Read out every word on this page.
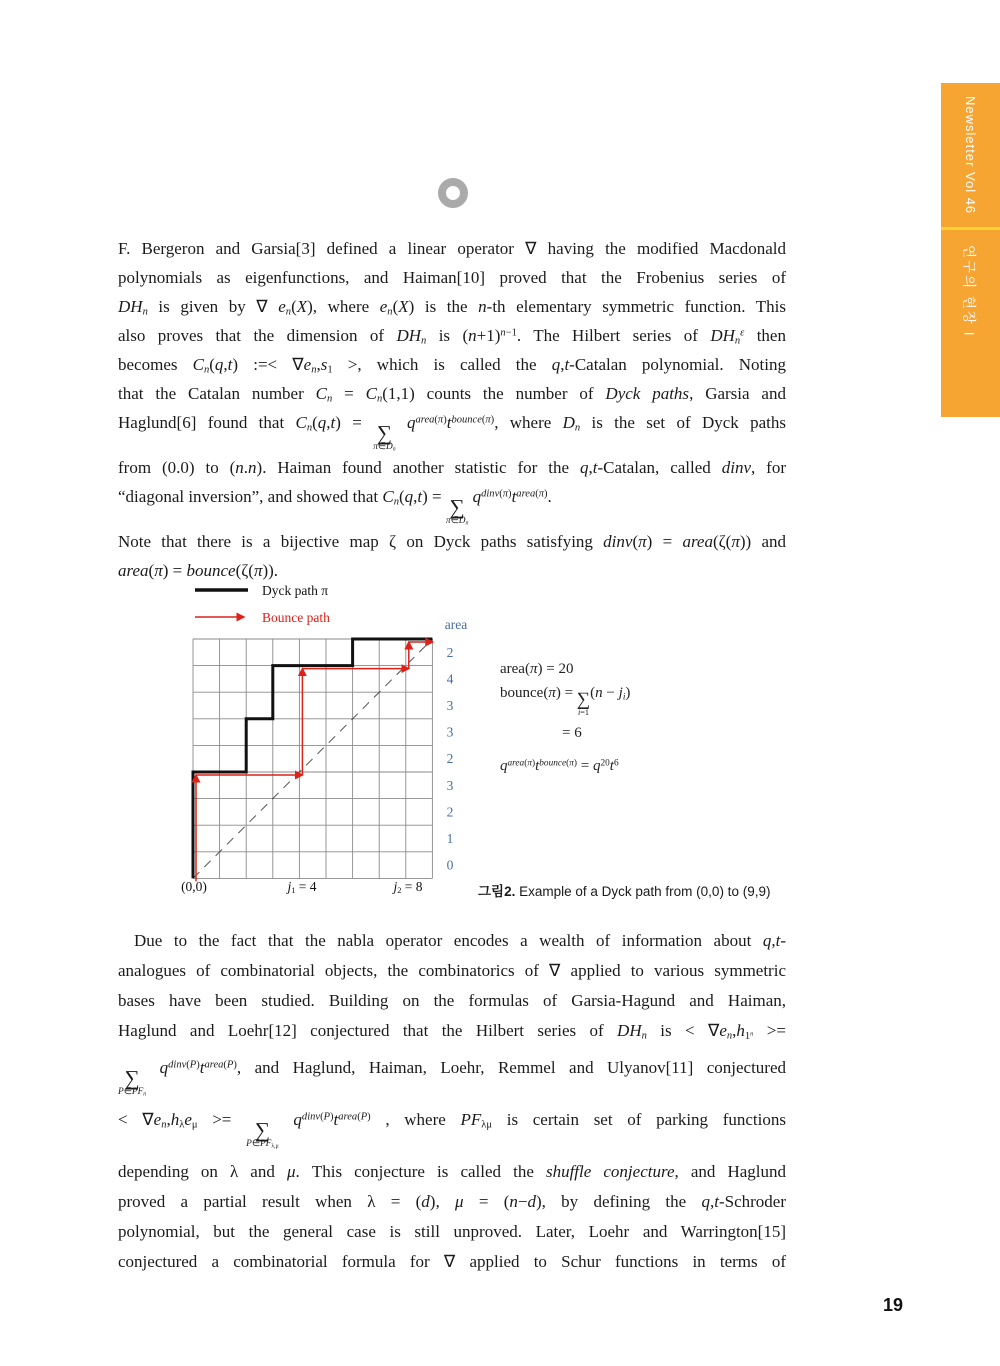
Newsletter Vol 46
연구의 현장 I
F. Bergeron and Garsia[3] defined a linear operator ∇ having the modified Macdonald
polynomials as eigenfunctions, and Haiman[10] proved that the Frobenius series of
$DH_n$ is given by ∇ $e_n(X)$, where $e_n(X)$ is the n-th elementary symmetric function. This
also proves that the dimension of $DH_n$ is $(n+1)^{n-1}$. The Hilbert series of $DH_n^\varepsilon$ then
becomes $C_n(q,t)$ :=< $\nabla e_n,s_1$ >, which is called the q,t-Catalan polynomial. Noting
that the Catalan number $C_n = C_n(1,1)$ counts the number of Dyck paths, Garsia and
Haglund[6] found that $C_n(q,t)$ = ∑
$\pi\in D_n$
$q^{area(\pi)}t^{bounce(\pi)}$, where $D_n$ is the set of Dyck paths
from (0.0) to (n.n). Haiman found another statistic for the q,t-Catalan, called dinv, for
“diagonal inversion”, and showed that $C_n(q,t)$ = ∑
$\pi\in D_n$
$q^{dinv(\pi)}t^{area(\pi)}$.
Note that there is a bijective map ζ on Dyck paths satisfying dinv(π) = area(ζ(π)) and
area(π) = bounce(ζ(π)).
Dyck path π
Bounce path	area
2
4
3
3
2
3
2
1
0
(0,0)	$j_1 = 4$	$j_2 = 8$
area(π) = 20
bounce(π) = ∑
i=1
$(n - j_i)$
= 6
$q^{area(\pi)}t^{bounce(\pi)} = q^{20}t^6$
그림2. Example of a Dyck path from (0,0) to (9,9)
Due to the fact that the nabla operator encodes a wealth of information about q,t-
analogues of combinatorial objects, the combinatorics of ∇ applied to various symmetric
bases have been studied. Building on the formulas of Garsia-Hagund and Haiman,
Haglund and Loehr[12] conjectured that the Hilbert series of $DH_n$ is < $\nabla e_n,h_{1^n}$ >=
∑
$P\in PF_n$
$q^{dinv(P)}t^{area(P)}$, and Haglund, Haiman, Loehr, Remmel and Ulyanov[11] conjectured
< $\nabla e_n,h_\lambda e_\mu$ >= ∑
$P\in PF_{\lambda,\mu}$
$q^{dinv(P)}t^{area(P)}$ , where $PF_{\lambda\mu}$ is certain set of parking functions
depending on λ and μ. This conjecture is called the shuffle conjecture, and Haglund
proved a partial result when λ = (d), μ = (n−d), by defining the q,t-Schroder
polynomial, but the general case is still unproved. Later, Loehr and Warrington[15]
conjectured a combinatorial formula for ∇ applied to Schur functions in terms of
19
